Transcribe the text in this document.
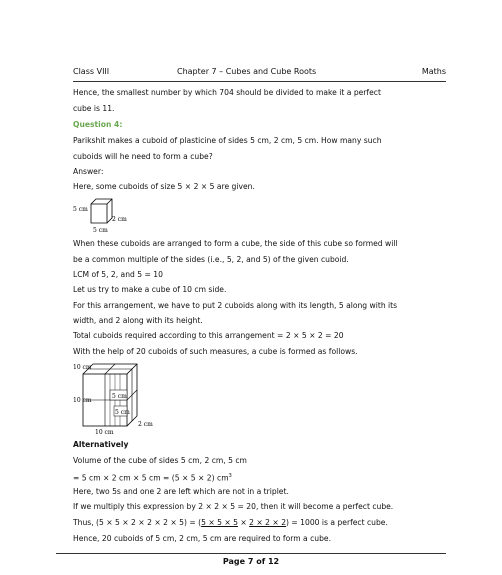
Class VIII	Chapter 7 – Cubes and Cube Roots	Maths
Hence, the smallest number by which 704 should be divided to make it a perfect
cube is 11.
Question 4:
Parikshit makes a cuboid of plasticine of sides 5 cm, 2 cm, 5 cm. How many such
cuboids will he need to form a cube?
Answer:
Here, some cuboids of size 5 × 2 × 5 are given.
5 cm
2 cm
5 cm
When these cuboids are arranged to form a cube, the side of this cube so formed will
be a common multiple of the sides (i.e., 5, 2, and 5) of the given cuboid.
LCM of 5, 2, and 5 = 10
Let us try to make a cube of 10 cm side.
For this arrangement, we have to put 2 cuboids along with its length, 5 along with its
width, and 2 along with its height.
Total cuboids required according to this arrangement = 2 × 5 × 2 = 20
With the help of 20 cuboids of such measures, a cube is formed as follows.
10 cm
10 cm
5 cm
5 cm
2 cm
10 cm
Alternatively
Volume of the cube of sides 5 cm, 2 cm, 5 cm
= 5 cm × 2 cm × 5 cm = (5 × 5 × 2) $cm^3$
Here, two 5s and one 2 are left which are not in a triplet.
If we multiply this expression by 2 × 2 × 5 = 20, then it will become a perfect cube.
Thus, (5 × 5 × 2 × 2 × 2 × 5) = (5 × 5 × 5 × 2 × 2 × 2) = 1000 is a perfect cube.
Hence, 20 cuboids of 5 cm, 2 cm, 5 cm are required to form a cube.
Page 7 of 12
